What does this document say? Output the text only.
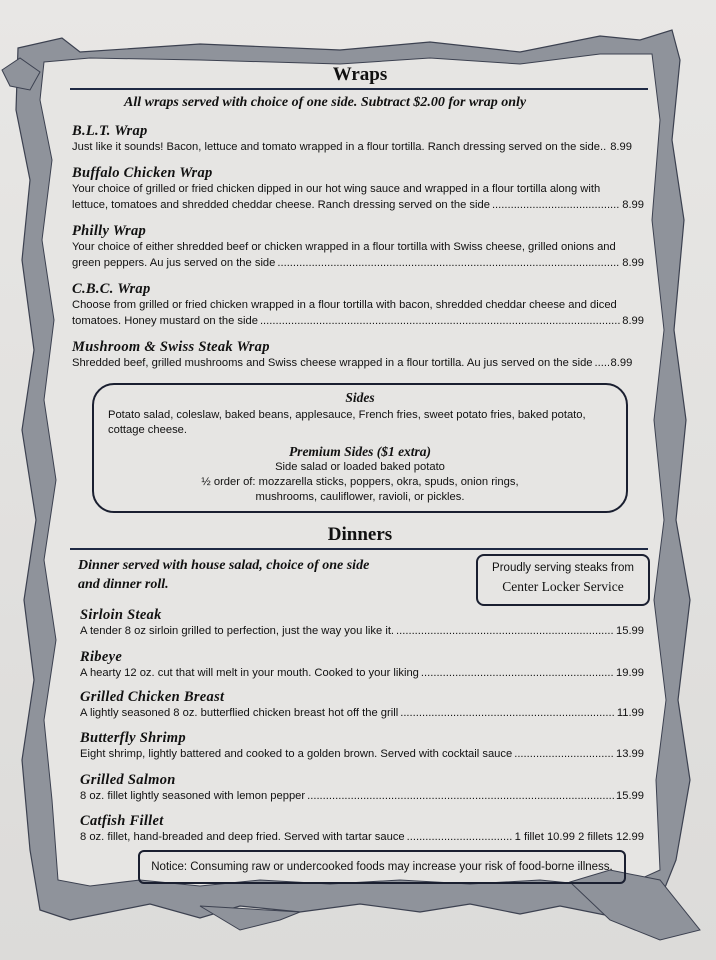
Wraps
All wraps served with choice of one side. Subtract $2.00 for wrap only
B.L.T. Wrap
Just like it sounds! Bacon, lettuce and tomato wrapped in a flour tortilla. Ranch dressing served on the side.. 8.99
Buffalo Chicken Wrap
Your choice of grilled or fried chicken dipped in our hot wing sauce and wrapped in a flour tortilla along with
lettuce, tomatoes and shredded cheddar cheese. Ranch dressing served on the side .....	8.99
Philly Wrap
Your choice of either shredded beef or chicken wrapped in a flour tortilla with Swiss cheese, grilled onions and
green peppers. Au jus served on the side .....	8.99
C.B.C. Wrap
Choose from grilled or fried chicken wrapped in a flour tortilla with bacon, shredded cheddar cheese and diced
tomatoes. Honey mustard on the side .....	8.99
Mushroom & Swiss Steak Wrap
Shredded beef, grilled mushrooms and Swiss cheese wrapped in a flour tortilla. Au jus served on the side ..... 8.99
Sides
Potato salad, coleslaw, baked beans, applesauce, French fries, sweet potato fries, baked potato,
cottage cheese.
Premium Sides ($1 extra)
Side salad or loaded baked potato
½ order of: mozzarella sticks, poppers, okra, spuds, onion rings,
mushrooms, cauliflower, ravioli, or pickles.
Dinners
Dinner served with house salad, choice of one side
and dinner roll.
Proudly serving steaks from
Center Locker Service
Sirloin Steak
A tender 8 oz sirloin grilled to perfection, just the way you like it. .....	15.99
Ribeye
A hearty 12 oz. cut that will melt in your mouth. Cooked to your liking .....	19.99
Grilled Chicken Breast
A lightly seasoned 8 oz. butterflied chicken breast hot off the grill .....	11.99
Butterfly Shrimp
Eight shrimp, lightly battered and cooked to a golden brown. Served with cocktail sauce .....	13.99
Grilled Salmon
8 oz. fillet lightly seasoned with lemon pepper .....	15.99
Catfish Fillet
8 oz. fillet, hand-breaded and deep fried. Served with tartar sauce .....	1 fillet 10.99 2 fillets 12.99
Notice: Consuming raw or undercooked foods may increase your risk of food-borne illness.
